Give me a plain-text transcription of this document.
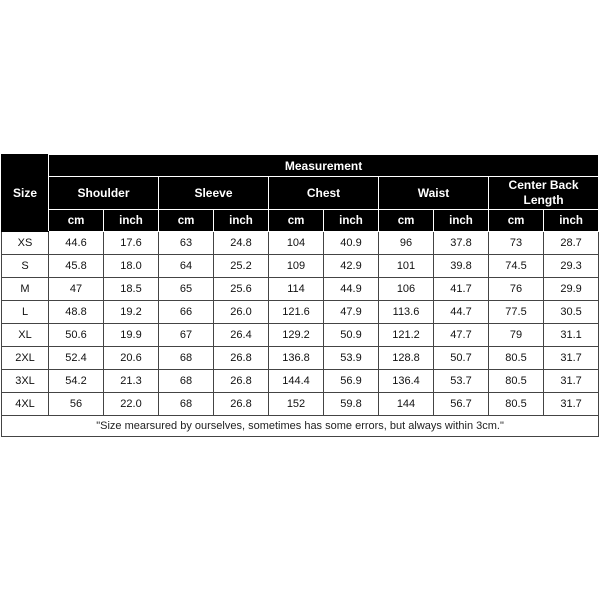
Size	Measurement									
	Shoulder		Sleeve		Chest		Waist		Center Back Length	
	cm	inch	cm	inch	cm	inch	cm	inch	cm	inch
XS	44.6	17.6	63	24.8	104	40.9	96	37.8	73	28.7
S	45.8	18.0	64	25.2	109	42.9	101	39.8	74.5	29.3
M	47	18.5	65	25.6	114	44.9	106	41.7	76	29.9
L	48.8	19.2	66	26.0	121.6	47.9	113.6	44.7	77.5	30.5
XL	50.6	19.9	67	26.4	129.2	50.9	121.2	47.7	79	31.1
2XL	52.4	20.6	68	26.8	136.8	53.9	128.8	50.7	80.5	31.7
3XL	54.2	21.3	68	26.8	144.4	56.9	136.4	53.7	80.5	31.7
4XL	56	22.0	68	26.8	152	59.8	144	56.7	80.5	31.7
"Size mearsured by ourselves, sometimes has some errors, but always within 3cm."										
